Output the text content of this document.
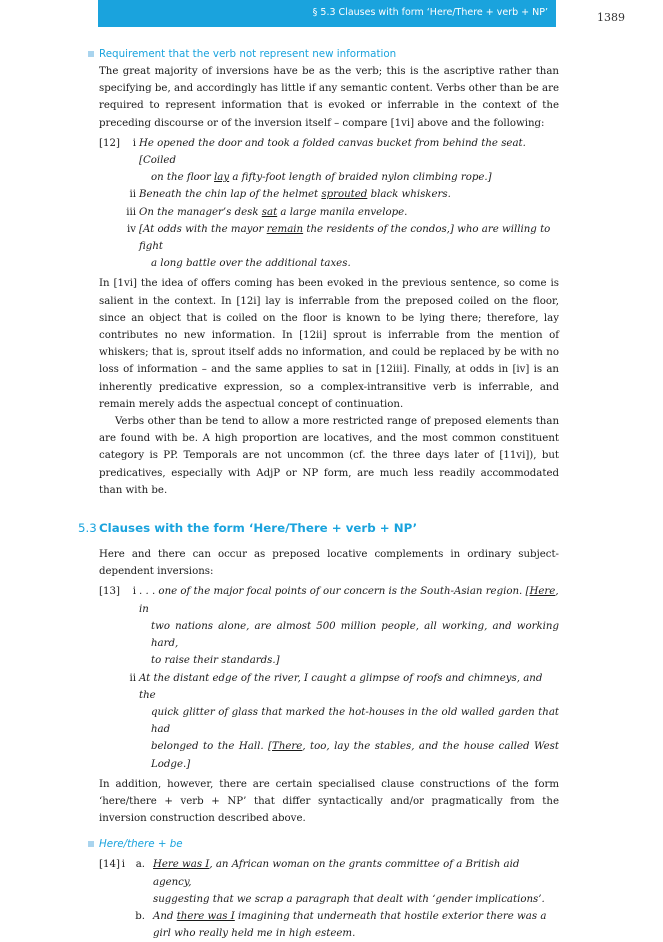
§ 5.3 Clauses with form ‘Here/There + verb + NP’	1389
Requirement that the verb not represent new information

The great majority of inversions have be as the verb; this is the ascriptive rather than specifying be, and accordingly has little if any semantic content. Verbs other than be are required to represent information that is evoked or inferrable in the context of the preceding discourse or of the inversion itself – compare [1vi] above and the following:

[12] i He opened the door and took a folded canvas bucket from behind the seat. [Coiled
on the floor lay a fifty-foot length of braided nylon climbing rope.]
ii Beneath the chin lap of the helmet sprouted black whiskers.
iii On the manager’s desk sat a large manila envelope.
iv [At odds with the mayor remain the residents of the condos,] who are willing to fight
a long battle over the additional taxes.

In [1vi] the idea of offers coming has been evoked in the previous sentence, so come is salient in the context. In [12i] lay is inferrable from the preposed coiled on the floor, since an object that is coiled on the floor is known to be lying there; therefore, lay contributes no new information. In [12ii] sprout is inferrable from the mention of whiskers; that is, sprout itself adds no information, and could be replaced by be with no loss of information – and the same applies to sat in [12iii]. Finally, at odds in [iv] is an inherently predicative expression, so a complex-intransitive verb is inferrable, and remain merely adds the aspectual concept of continuation.

Verbs other than be tend to allow a more restricted range of preposed elements than are found with be. A high proportion are locatives, and the most common constituent category is PP. Temporals are not uncommon (cf. the three days later of [11vi]), but predicatives, especially with AdjP or NP form, are much less readily accommodated than with be.

5.3 Clauses with the form ‘Here/There + verb + NP’

Here and there can occur as preposed locative complements in ordinary subject-dependent inversions:

[13] i . . . one of the major focal points of our concern is the South-Asian region. [Here, in
two nations alone, are almost 500 million people, all working, and working hard,
to raise their standards.]
ii At the distant edge of the river, I caught a glimpse of roofs and chimneys, and the
quick glitter of glass that marked the hot-houses in the old walled garden that had
belonged to the Hall. [There, too, lay the stables, and the house called West Lodge.]

In addition, however, there are certain specialised clause constructions of the form ‘here/there + verb + NP’ that differ syntactically and/or pragmatically from the inversion construction described above.

Here/there + be
[14] i a. Here was I, an African woman on the grants committee of a British aid agency,
suggesting that we scrap a paragraph that dealt with ‘gender implications’.
b. And there was I imagining that underneath that hostile exterior there was a
girl who really held me in high esteem.
